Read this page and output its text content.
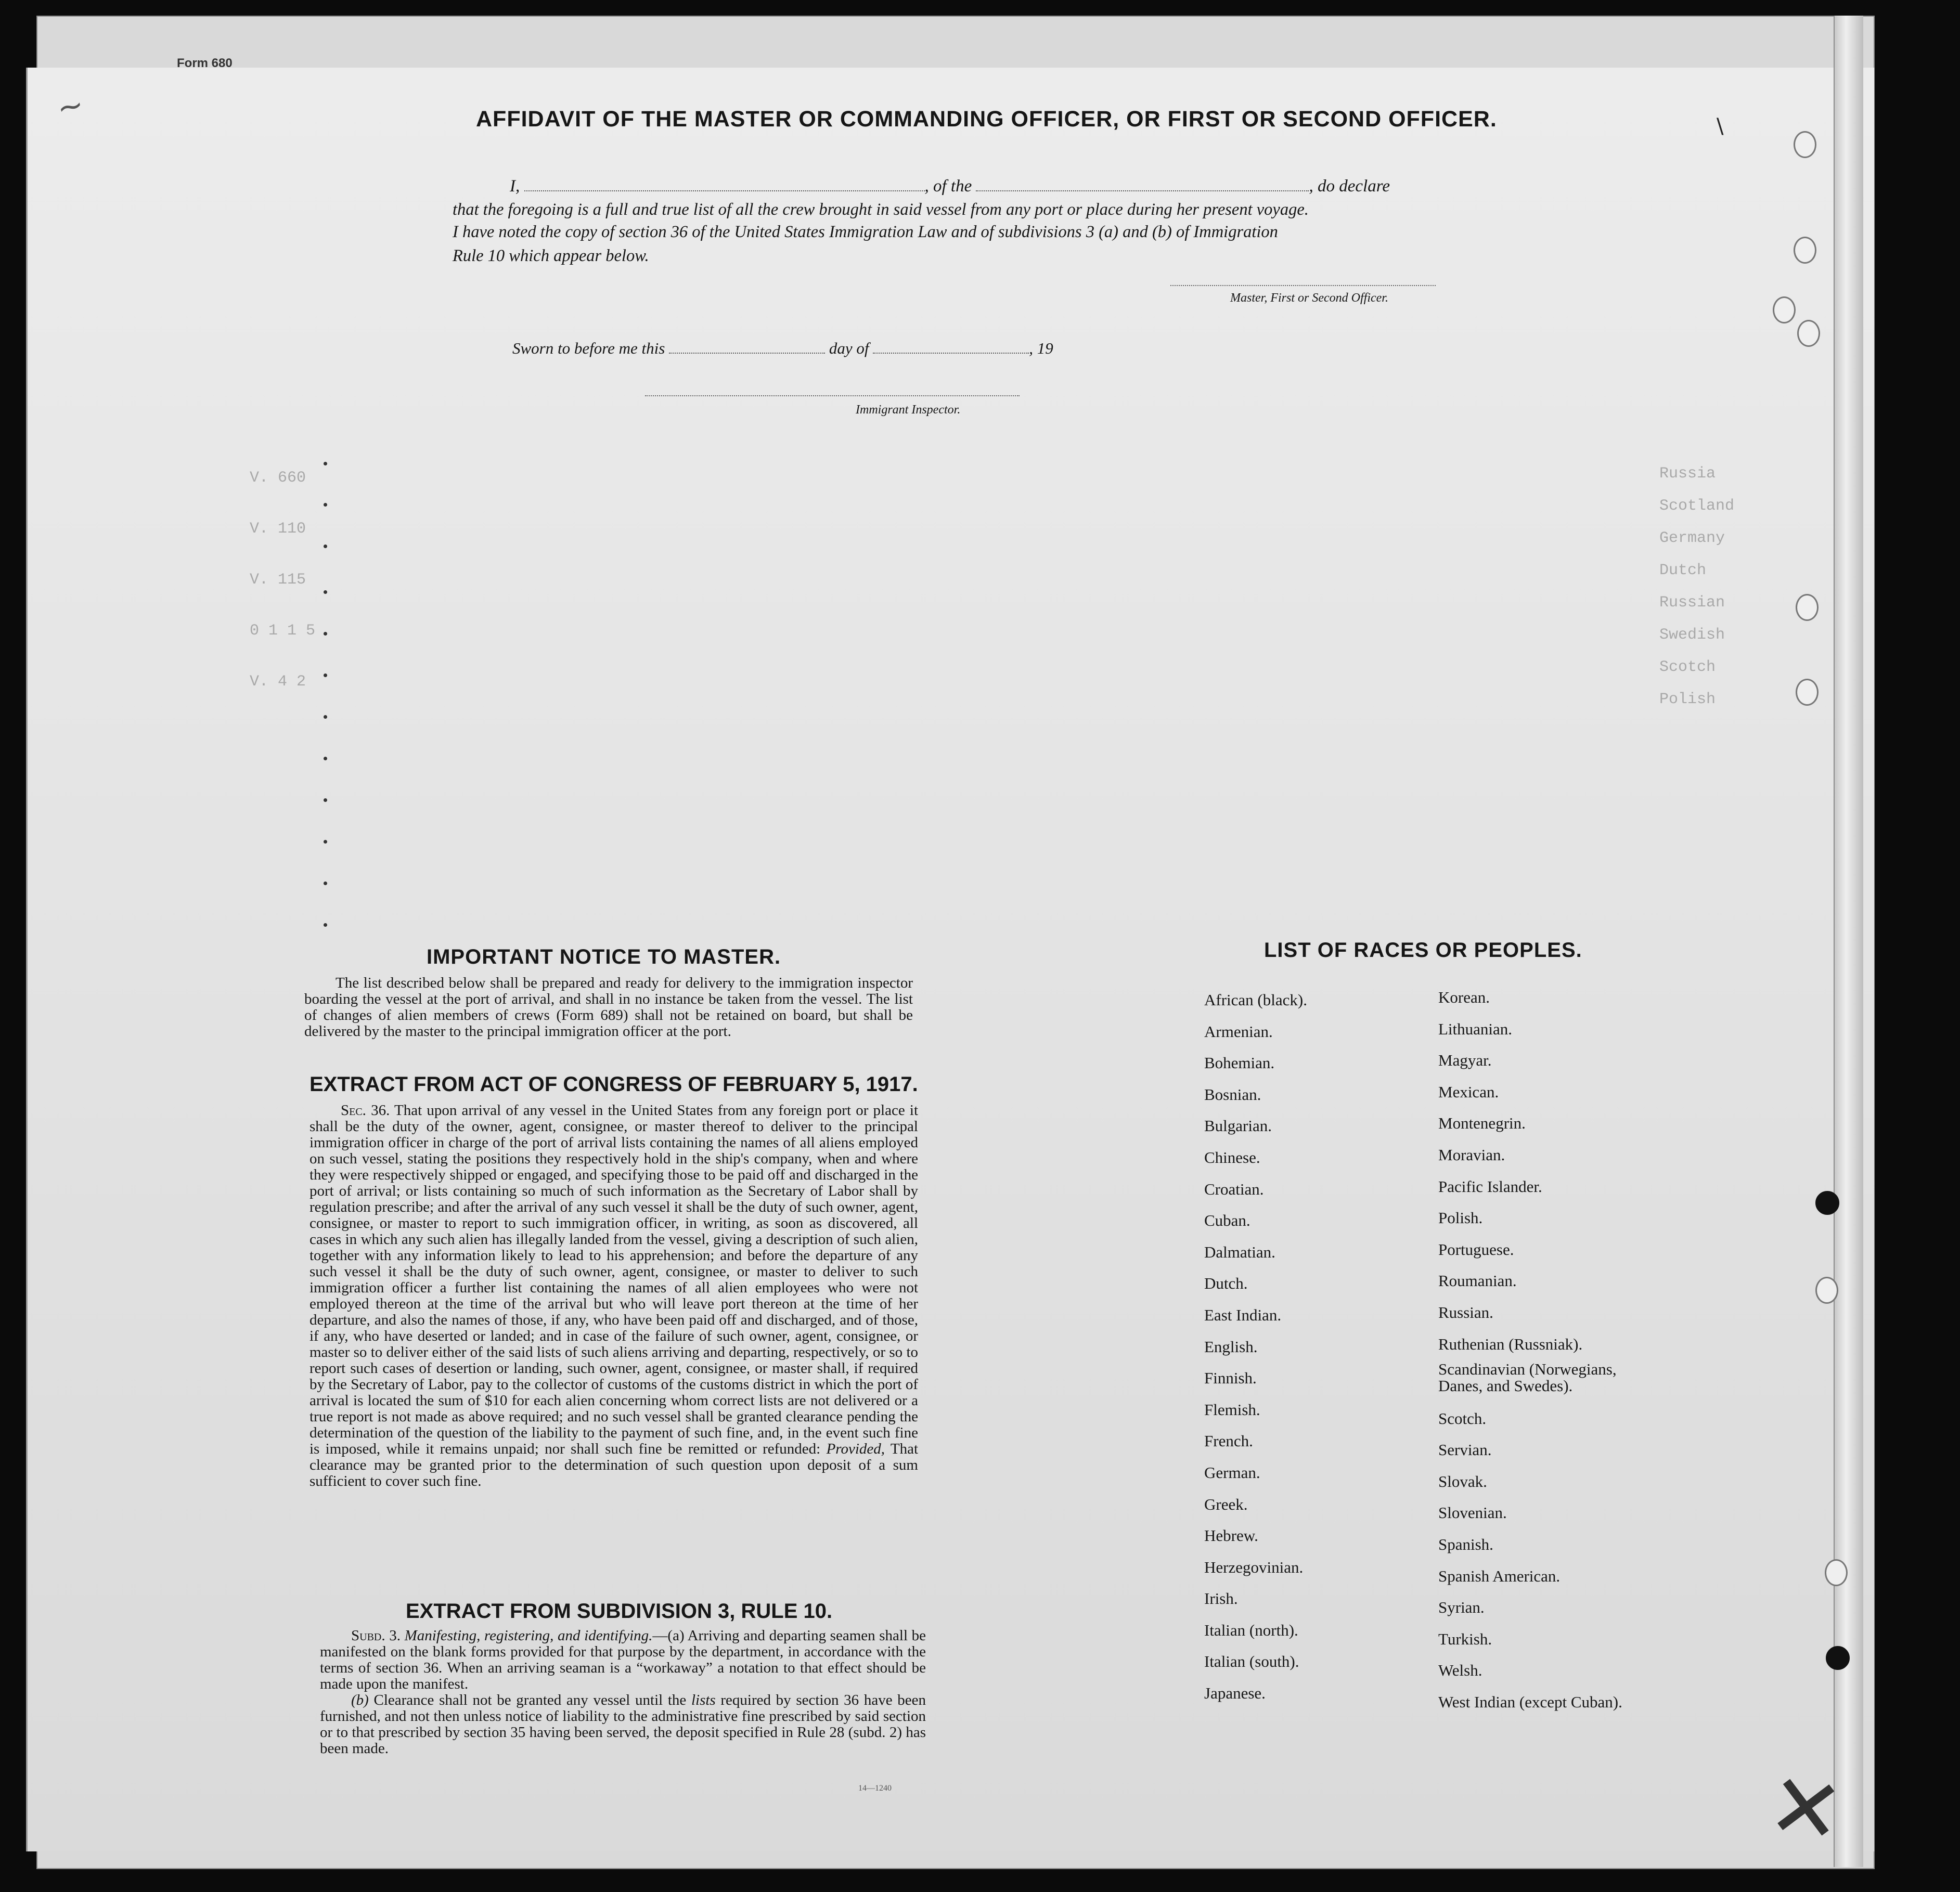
~	\
✕
V. 660
V. 110
V. 115
0 1 1 5
V. 4 2
Russia
Scotland
Germany
Dutch
Russian
Swedish
Scotch
Polish
Form 680
AFFIDAVIT OF THE MASTER OR COMMANDING OFFICER, OR FIRST OR SECOND OFFICER.
I,	, of the	, do declare
that the foregoing is a full and true list of all the crew brought in said vessel from any port or place during her present voyage.
I have noted the copy of section 36 of the United States Immigration Law and of subdivisions 3 (a) and (b) of Immigration
Rule 10 which appear below.
Master, First or Second Officer.
Sworn to before me this	day of	, 19
Immigrant Inspector.
IMPORTANT NOTICE TO MASTER.

The list described below shall be prepared and ready for delivery to the immigration inspector boarding the vessel at the port of arrival, and shall in no instance be taken from the vessel. The list of changes of alien members of crews (Form 689) shall not be retained on board, but shall be delivered by the master to the principal immigration officer at the port.

EXTRACT FROM ACT OF CONGRESS OF FEBRUARY 5, 1917.

Sec. 36. That upon arrival of any vessel in the United States from any foreign port or place it shall be the duty of the owner, agent, consignee, or master thereof to deliver to the principal immigration officer in charge of the port of arrival lists containing the names of all aliens employed on such vessel, stating the positions they respectively hold in the ship's company, when and where they were respectively shipped or engaged, and specifying those to be paid off and discharged in the port of arrival; or lists containing so much of such information as the Secretary of Labor shall by regulation prescribe; and after the arrival of any such vessel it shall be the duty of such owner, agent, consignee, or master to report to such immigration officer, in writing, as soon as discovered, all cases in which any such alien has illegally landed from the vessel, giving a description of such alien, together with any information likely to lead to his apprehension; and before the departure of any such vessel it shall be the duty of such owner, agent, consignee, or master to deliver to such immigration officer a further list containing the names of all alien employees who were not employed thereon at the time of the arrival but who will leave port thereon at the time of her departure, and also the names of those, if any, who have been paid off and discharged, and of those, if any, who have deserted or landed; and in case of the failure of such owner, agent, consignee, or master so to deliver either of the said lists of such aliens arriving and departing, respectively, or so to report such cases of desertion or landing, such owner, agent, consignee, or master shall, if required by the Secretary of Labor, pay to the collector of customs of the customs district in which the port of arrival is located the sum of $10 for each alien concerning whom correct lists are not delivered or a true report is not made as above required; and no such vessel shall be granted clearance pending the determination of the question of the liability to the payment of such fine, and, in the event such fine is imposed, while it remains unpaid; nor shall such fine be remitted or refunded: Provided, That clearance may be granted prior to the determination of such question upon deposit of a sum sufficient to cover such fine.

EXTRACT FROM SUBDIVISION 3, RULE 10.

Subd. 3. Manifesting, registering, and identifying.—(a) Arriving and departing seamen shall be manifested on the blank forms provided for that purpose by the department, in accordance with the terms of section 36. When an arriving seaman is a “workaway” a notation to that effect should be made upon the manifest.

(b) Clearance shall not be granted any vessel until the lists required by section 36 have been furnished, and not then unless notice of liability to the administrative fine prescribed by said section or to that prescribed by section 35 having been served, the deposit specified in Rule 28 (subd. 2) has been made.

14—1240
LIST OF RACES OR PEOPLES.
African (black).
Armenian.
Bohemian.
Bosnian.
Bulgarian.
Chinese.
Croatian.
Cuban.
Dalmatian.
Dutch.
East Indian.
English.
Finnish.
Flemish.
French.
German.
Greek.
Hebrew.
Herzegovinian.
Irish.
Italian (north).
Italian (south).
Japanese.
Korean.
Lithuanian.
Magyar.
Mexican.
Montenegrin.
Moravian.
Pacific Islander.
Polish.
Portuguese.
Roumanian.
Russian.
Ruthenian (Russniak).
Scandinavian (Norwegians, Danes, and Swedes).
Scotch.
Servian.
Slovak.
Slovenian.
Spanish.
Spanish American.
Syrian.
Turkish.
Welsh.
West Indian (except Cuban).
